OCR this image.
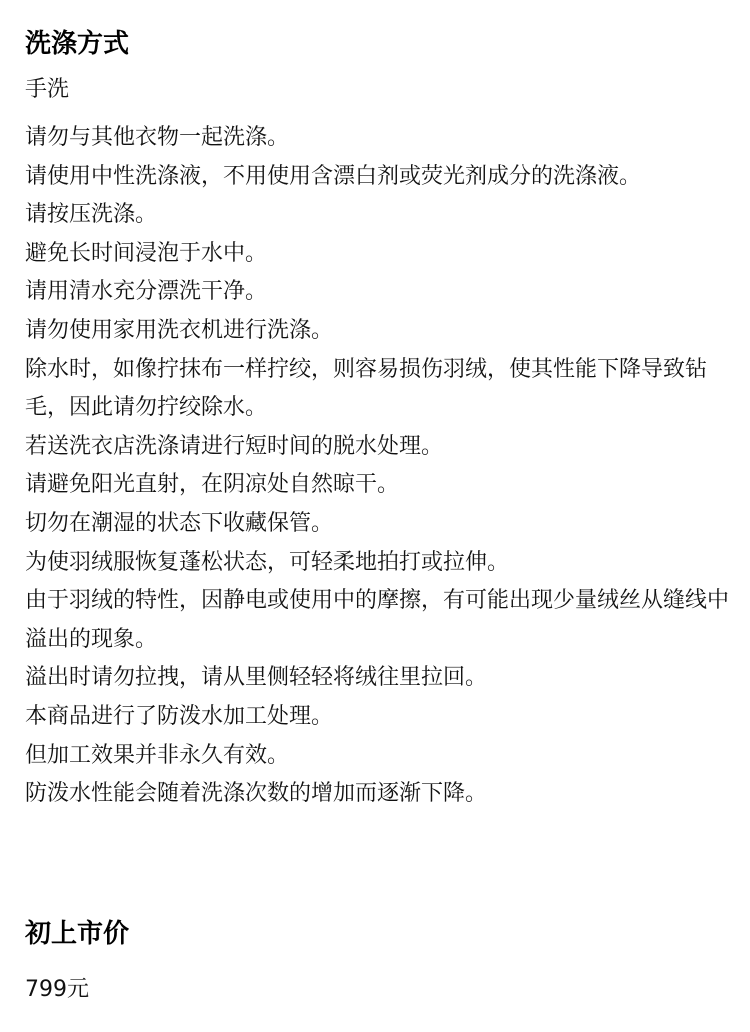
洗涤方式
手洗

请勿与其他衣物一起洗涤。

请使用中性洗涤液，不用使用含漂白剂或荧光剂成分的洗涤液。

请按压洗涤。

避免长时间浸泡于水中。

请用清水充分漂洗干净。

请勿使用家用洗衣机进行洗涤。

除水时，如像拧抹布一样拧绞，则容易损伤羽绒，使其性能下降导致钻毛，因此请勿拧绞除水。

若送洗衣店洗涤请进行短时间的脱水处理。

请避免阳光直射，在阴凉处自然晾干。

切勿在潮湿的状态下收藏保管。

为使羽绒服恢复蓬松状态，可轻柔地拍打或拉伸。

由于羽绒的特性，因静电或使用中的摩擦，有可能出现少量绒丝从缝线中溢出的现象。

溢出时请勿拉拽，请从里侧轻轻将绒往里拉回。

本商品进行了防泼水加工处理。

但加工效果并非永久有效。

防泼水性能会随着洗涤次数的增加而逐渐下降。

初上市价
799元
